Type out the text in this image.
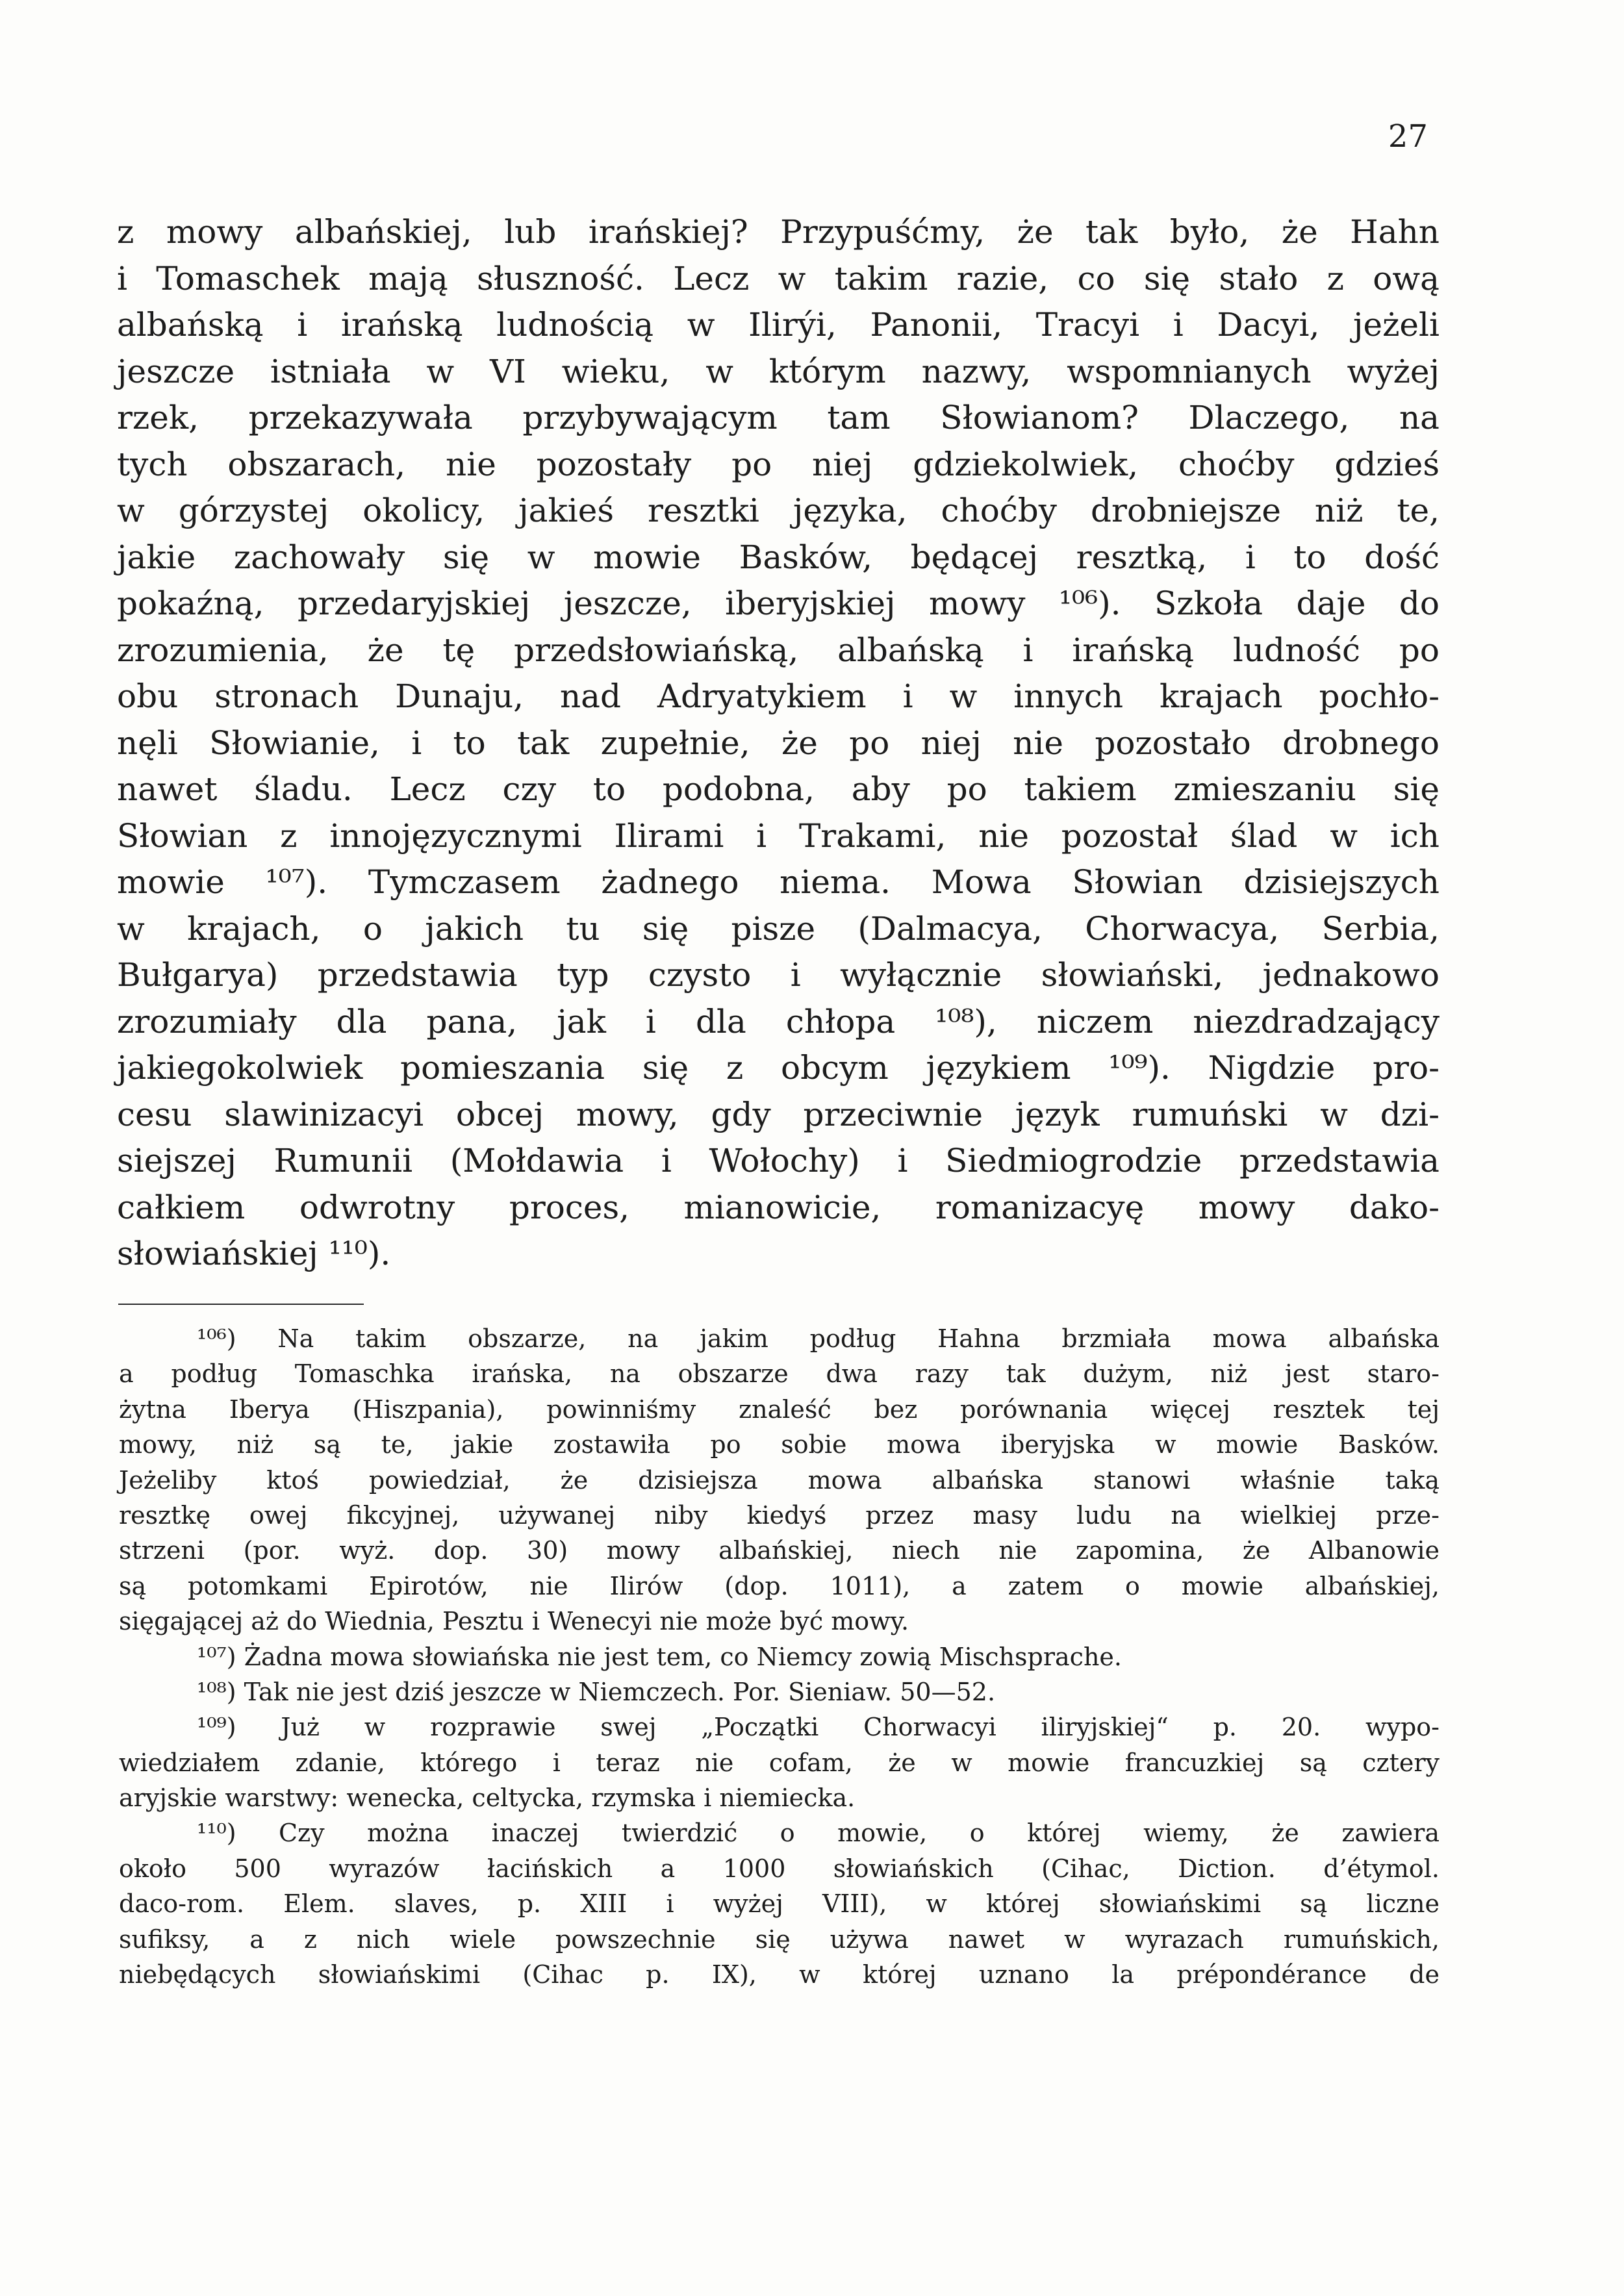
27
z mowy albańskiej, lub irańskiej? Przypuśćmy, że tak było, że Hahn
i Tomaschek mają słuszność. Lecz w takim razie, co się stało z ową
albańską i irańską ludnością w Ilirýi, Panonii, Tracyi i Dacyi, jeżeli
jeszcze istniała w VI wieku, w którym nazwy, wspomnianych wyżej
rzek, przekazywała przybywającym tam Słowianom? Dlaczego, na
tych obszarach, nie pozostały po niej gdziekolwiek, choćby gdzieś
w górzystej okolicy, jakieś resztki języka, choćby drobniejsze niż te,
jakie zachowały się w mowie Basków, będącej resztką, i to dość
pokaźną, przedaryjskiej jeszcze, iberyjskiej mowy ¹⁰⁶). Szkoła daje do
zrozumienia, że tę przedsłowiańską, albańską i irańską ludność po
obu stronach Dunaju, nad Adryatykiem i w innych krajach pochło-
nęli Słowianie, i to tak zupełnie, że po niej nie pozostało drobnego
nawet śladu. Lecz czy to podobna, aby po takiem zmieszaniu się
Słowian z innojęzycznymi Ilirami i Trakami, nie pozostał ślad w ich
mowie ¹⁰⁷). Tymczasem żadnego niema. Mowa Słowian dzisiejszych
w krajach, o jakich tu się pisze (Dalmacya, Chorwacya, Serbia,
Bułgarya) przedstawia typ czysto i wyłącznie słowiański, jednakowo
zrozumiały dla pana, jak i dla chłopa ¹⁰⁸), niczem niezdradzający
jakiegokolwiek pomieszania się z obcym językiem ¹⁰⁹). Nigdzie pro-
cesu slawinizacyi obcej mowy, gdy przeciwnie język rumuński w dzi-
siejszej Rumunii (Mołdawia i Wołochy) i Siedmiogrodzie przedstawia
całkiem odwrotny proces, mianowicie, romanizacyę mowy dako-
słowiańskiej ¹¹⁰).
¹⁰⁶) Na takim obszarze, na jakim podług Hahna brzmiała mowa albańska
a podług Tomaschka irańska, na obszarze dwa razy tak dużym, niż jest staro-
żytna Iberya (Hiszpania), powinniśmy znaleść bez porównania więcej resztek tej
mowy, niż są te, jakie zostawiła po sobie mowa iberyjska w mowie Basków.
Jeżeliby ktoś powiedział, że dzisiejsza mowa albańska stanowi właśnie taką
resztkę owej fikcyjnej, używanej niby kiedyś przez masy ludu na wielkiej prze-
strzeni (por. wyż. dop. 30) mowy albańskiej, niech nie zapomina, że Albanowie
są potomkami Epirotów, nie Ilirów (dop. 1011), a zatem o mowie albańskiej,
sięgającej aż do Wiednia, Pesztu i Wenecyi nie może być mowy.
¹⁰⁷) Żadna mowa słowiańska nie jest tem, co Niemcy zowią Mischsprache.
¹⁰⁸) Tak nie jest dziś jeszcze w Niemczech. Por. Sieniaw. 50—52.
¹⁰⁹) Już w rozprawie swej „Początki Chorwacyi iliryjskiej“ p. 20. wypo-
wiedziałem zdanie, którego i teraz nie cofam, że w mowie francuzkiej są cztery
aryjskie warstwy: wenecka, celtycka, rzymska i niemiecka.
¹¹⁰) Czy można inaczej twierdzić o mowie, o której wiemy, że zawiera
około 500 wyrazów łacińskich a 1000 słowiańskich (Cihac, Diction. d’étymol.
daco-rom. Elem. slaves, p. XIII i wyżej VIII), w której słowiańskimi są liczne
sufiksy, a z nich wiele powszechnie się używa nawet w wyrazach rumuńskich,
niebędących słowiańskimi (Cihac p. IX), w której uznano la prépondérance de
